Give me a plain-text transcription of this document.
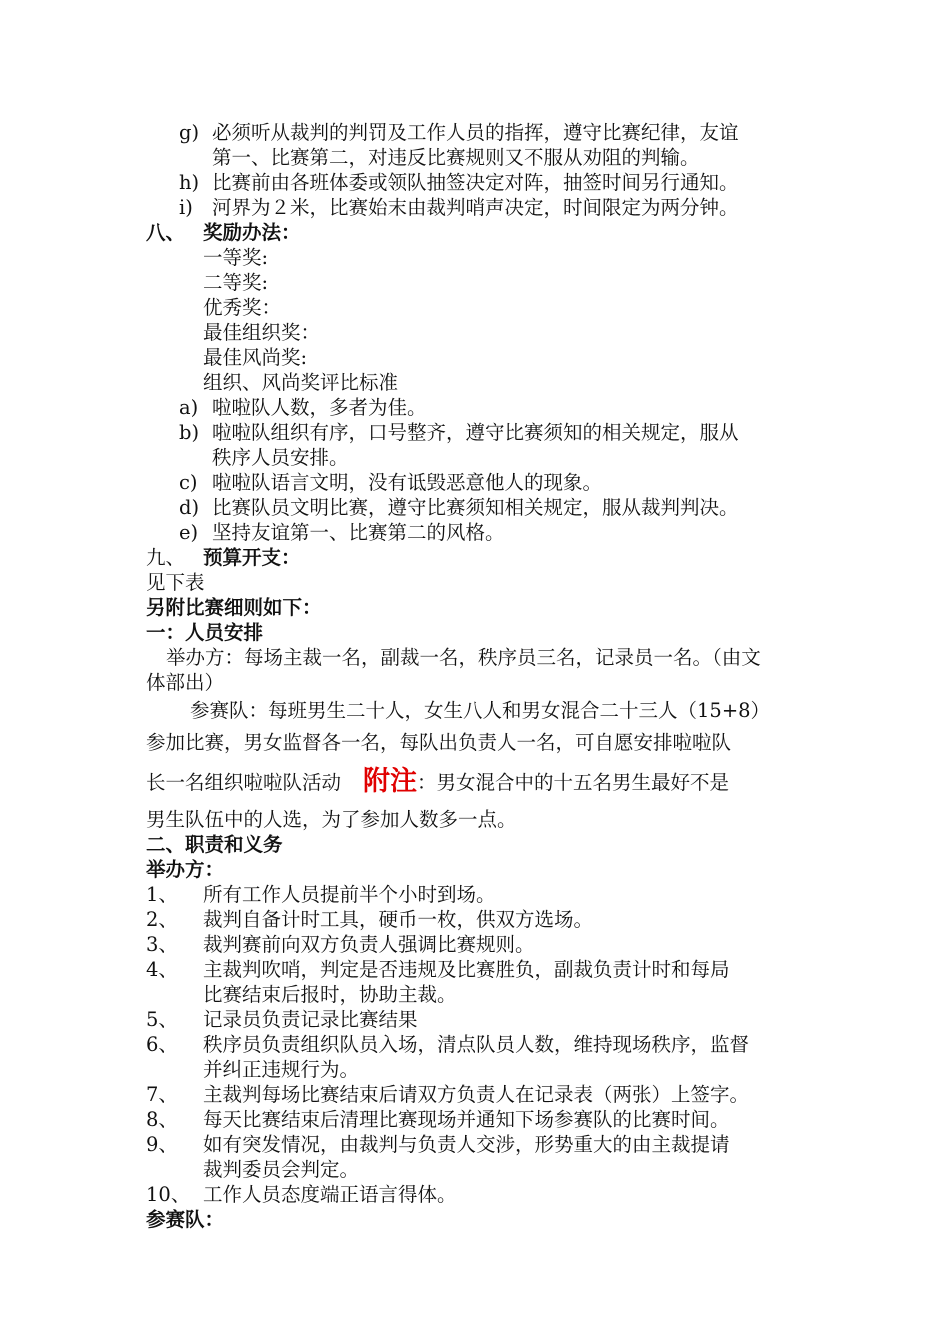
g) 必须听从裁判的判罚及工作人员的指挥，遵守比赛纪律，友谊
第一、比赛第二，对违反比赛规则又不服从劝阻的判输。
h) 比赛前由各班体委或领队抽签决定对阵，抽签时间另行通知。
i) 河界为２米，比赛始末由裁判哨声决定，时间限定为两分钟。
八、 奖励办法：
一等奖:
二等奖:
优秀奖：
最佳组织奖：
最佳风尚奖:
组织、风尚奖评比标准
a) 啦啦队人数，多者为佳。
b) 啦啦队组织有序，口号整齐，遵守比赛须知的相关规定，服从
秩序人员安排。
c) 啦啦队语言文明，没有诋毁恶意他人的现象。
d) 比赛队员文明比赛，遵守比赛须知相关规定，服从裁判判决。
e) 坚持友谊第一、比赛第二的风格。
九、 预算开支：
见下表
另附比赛细则如下：
一：人员安排
举办方：每场主裁一名，副裁一名，秩序员三名，记录员一名。（由文
体部出）
参赛队：每班男生二十人，女生八人和男女混合二十三人（15+8）
参加比赛，男女监督各一名，每队出负责人一名，可自愿安排啦啦队
长一名组织啦啦队活动 附注：男女混合中的十五名男生最好不是
男生队伍中的人选，为了参加人数多一点。
二、职责和义务
举办方：
1、	所有工作人员提前半个小时到场。
2、	裁判自备计时工具，硬币一枚，供双方选场。
3、	裁判赛前向双方负责人强调比赛规则。
4、	主裁判吹哨，判定是否违规及比赛胜负，副裁负责计时和每局
比赛结束后报时，协助主裁。
5、	记录员负责记录比赛结果
6、	秩序员负责组织队员入场，清点队员人数，维持现场秩序，监督
并纠正违规行为。
7、	主裁判每场比赛结束后请双方负责人在记录表（两张）上签字。
8、	每天比赛结束后清理比赛现场并通知下场参赛队的比赛时间。
9、	如有突发情况，由裁判与负责人交涉，形势重大的由主裁提请
裁判委员会判定。
10、 工作人员态度端正语言得体。
参赛队：
